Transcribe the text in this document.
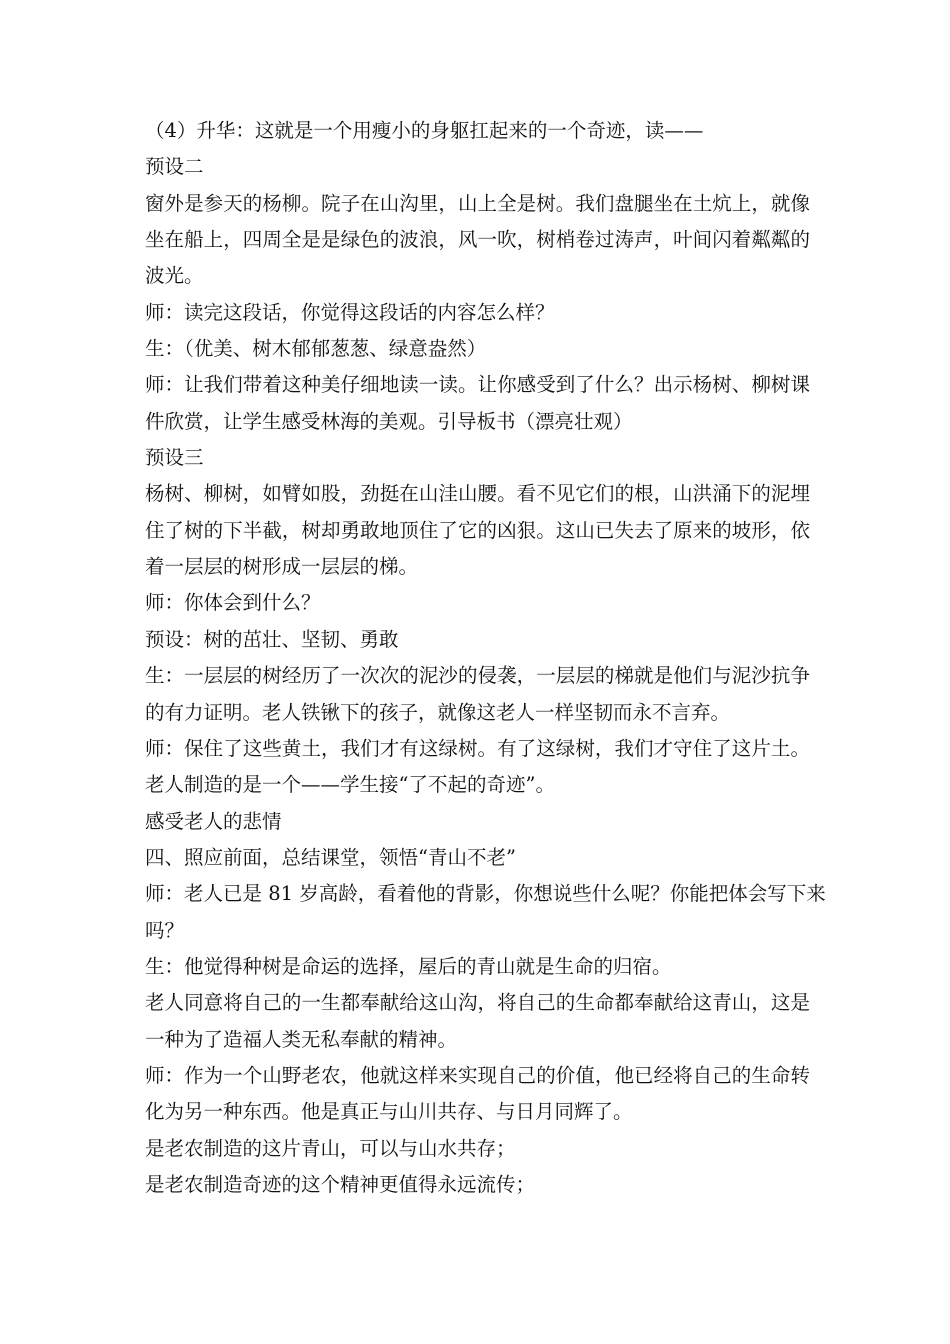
（4）升华：这就是一个用瘦小的身躯扛起来的一个奇迹，读——
预设二
窗外是参天的杨柳。院子在山沟里，山上全是树。我们盘腿坐在土炕上，就像
坐在船上，四周全是是绿色的波浪，风一吹，树梢卷过涛声，叶间闪着粼粼的
波光。
师：读完这段话，你觉得这段话的内容怎么样？
生：（优美、树木郁郁葱葱、绿意盎然）
师：让我们带着这种美仔细地读一读。让你感受到了什么？出示杨树、柳树课
件欣赏，让学生感受林海的美观。引导板书（漂亮壮观）
预设三
杨树、柳树，如臂如股，劲挺在山洼山腰。看不见它们的根，山洪涌下的泥埋
住了树的下半截，树却勇敢地顶住了它的凶狠。这山已失去了原来的坡形，依
着一层层的树形成一层层的梯。
师：你体会到什么？
预设：树的茁壮、坚韧、勇敢
生：一层层的树经历了一次次的泥沙的侵袭，一层层的梯就是他们与泥沙抗争
的有力证明。老人铁锹下的孩子，就像这老人一样坚韧而永不言弃。
师：保住了这些黄土，我们才有这绿树。有了这绿树，我们才守住了这片土。
老人制造的是一个——学生接“了不起的奇迹”。
感受老人的悲情
四、照应前面，总结课堂，领悟“青山不老”
师：老人已是 81 岁高龄，看着他的背影，你想说些什么呢？你能把体会写下来
吗？
生：他觉得种树是命运的选择，屋后的青山就是生命的归宿。
老人同意将自己的一生都奉献给这山沟，将自己的生命都奉献给这青山，这是
一种为了造福人类无私奉献的精神。
师：作为一个山野老农，他就这样来实现自己的价值，他已经将自己的生命转
化为另一种东西。他是真正与山川共存、与日月同辉了。
是老农制造的这片青山，可以与山水共存；
是老农制造奇迹的这个精神更值得永远流传；
